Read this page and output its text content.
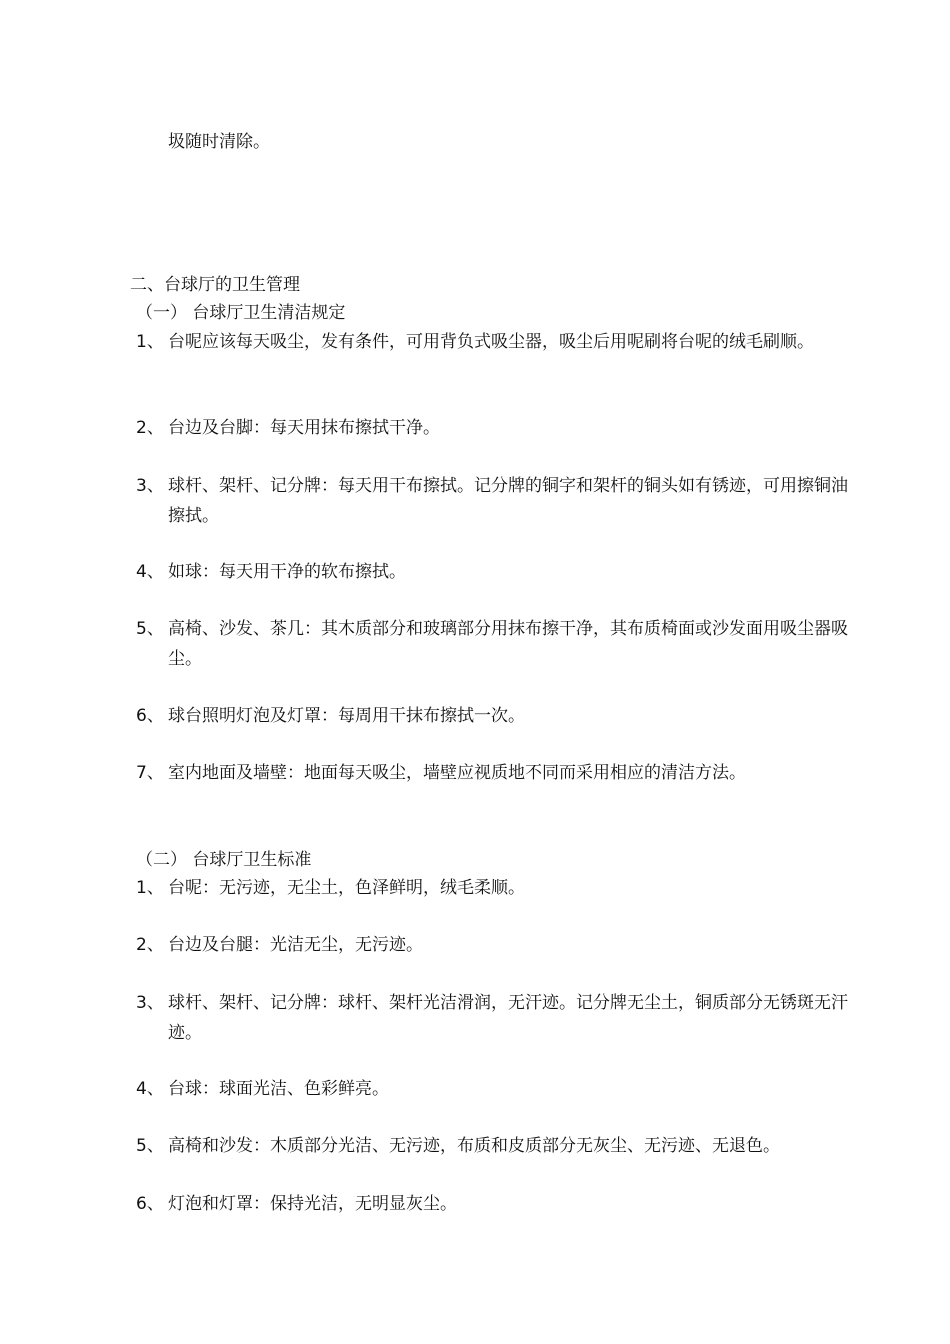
圾随时清除。
二、台球厅的卫生管理
（一） 台球厅卫生清洁规定
1、 台呢应该每天吸尘，发有条件，可用背负式吸尘器，吸尘后用呢刷将台呢的绒毛刷顺。
2、 台边及台脚：每天用抹布擦拭干净。
3、 球杆、架杆、记分牌：每天用干布擦拭。记分牌的铜字和架杆的铜头如有锈迹，可用擦铜油擦拭。
4、 如球：每天用干净的软布擦拭。
5、 高椅、沙发、茶几：其木质部分和玻璃部分用抹布擦干净，其布质椅面或沙发面用吸尘器吸尘。
6、 球台照明灯泡及灯罩：每周用干抹布擦拭一次。
7、 室内地面及墙壁：地面每天吸尘，墙壁应视质地不同而采用相应的清洁方法。
（二） 台球厅卫生标准
1、 台呢：无污迹，无尘土，色泽鲜明，绒毛柔顺。
2、 台边及台腿：光洁无尘，无污迹。
3、 球杆、架杆、记分牌：球杆、架杆光洁滑润，无汗迹。记分牌无尘土，铜质部分无锈斑无汗迹。
4、 台球：球面光洁、色彩鲜亮。
5、 高椅和沙发：木质部分光洁、无污迹，布质和皮质部分无灰尘、无污迹、无退色。
6、 灯泡和灯罩：保持光洁，无明显灰尘。
